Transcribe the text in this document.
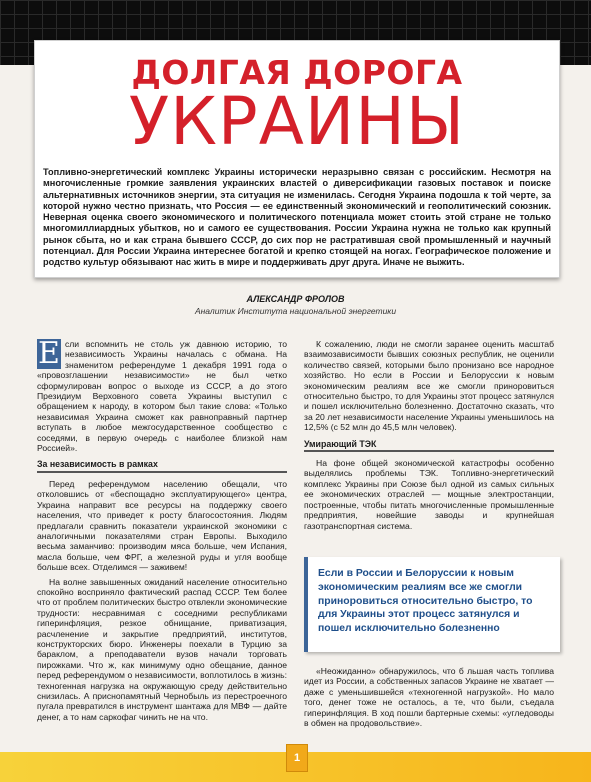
ДОЛГАЯ ДОРОГА
УКРАИНЫ
Топливно-энергетический комплекс Украины исторически неразрывно связан с российским. Несмотря на многочисленные громкие заявления украинских властей о диверсификации газовых поставок и поиске альтернативных источников энергии, эта ситуация не изменилась. Сегодня Украина подошла к той черте, за которой нужно честно признать, что Россия — ее единственный экономический и геополитический союзник. Неверная оценка своего экономического и политического потенциала может стоить этой стране не только многомиллиардных убытков, но и самого ее существования. России Украина нужна не только как крупный рынок сбыта, но и как страна бывшего СССР, до сих пор не растратившая свой промышленный и научный потенциал. Для России Украина интереснее богатой и крепко стоящей на ногах. Географическое положение и родство культур обязывают нас жить в мире и поддерживать друг друга. Иначе не выжить.
АЛЕКСАНДР ФРОЛОВ
Аналитик Института национальной энергетики
Е сли вспомнить не столь уж давнюю историю, то независимость Украины началась с обмана. На знаменитом референдуме 1 декабря 1991 года о «провозглашении независимости» не был четко сформулирован вопрос о выходе из СССР, а до этого Президиум Верховного совета Украины выступил с обращением к народу, в котором был такие слова: «Только независимая Украина сможет как равноправный партнер вступать в любое межгосударственное сообщество с соседями, в первую очередь с наиболее близкой нам Россией».

За независимость в рамках

Перед референдумом населению обещали, что отколовшись от «беспощадно эксплуатирующего» центра, Украина направит все ресурсы на поддержку своего населения, что приведет к росту благосостояния. Людям предлагали сравнить показатели украинской экономики с аналогичными показателями стран Европы. Выходило весьма заманчиво: производим мяса больше, чем Испания, масла больше, чем ФРГ, а железной руды и угля вообще больше всех. Отделимся — заживем!

На волне завышенных ожиданий население относительно спокойно восприняло фактический распад СССР. Тем более что от проблем политических быстро отвлекли экономические трудности: несравнимая с соседними республиками гиперинфляция, резкое обнищание, приватизация, расчленение и закрытие предприятий, институтов, конструкторских бюро. Инженеры поехали в Турцию за бараклом, а преподаватели вузов начали торговать пирожками. Что ж, как минимуму одно обещание, данное перед референдумом о независимости, воплотилось в жизнь: техногенная нагрузка на окружающую среду действительно снизилась. А приснопамятный Чернобыль из перестроечного пугала превратился в инструмент шантажа для МВФ — дайте денег, а то нам саркофаг чинить не на что.

К сожалению, люди не смогли заранее оценить масштаб взаимозависимости бывших союзных республик, не оценили количество связей, которыми было пронизано все народное хозяйство. Но если в России и Белоруссии к новым экономическим реалиям все же смогли приноровиться относительно быстро, то для Украины этот процесс затянулся и пошел исключительно болезненно. Достаточно сказать, что за 20 лет независимости население Украины уменьшилось на 12,5% (с 52 млн до 45,5 млн человек).

Умирающий ТЭК

На фоне общей экономической катастрофы особенно выделялись проблемы ТЭК. Топливно-энергетический комплекс Украины при Союзе был одной из самых сильных ее экономических отраслей — мощные электростанции, построенные, чтобы питать многочисленные промышленные предприятия, новейшие заводы и крупнейшая газотранспортная система.

Если в России и Белоруссии к новым экономическим реалиям все же смогли приноровиться относительно быстро, то для Украины этот процесс затянулся и пошел исключительно болезненно

«Неожиданно» обнаружилось, что б льшая часть топлива идет из России, а собственных запасов Украине не хватает — даже с уменьшившейся «техногенной нагрузкой». Но мало того, денег тоже не осталось, а те, что были, съедала гиперинфляция. В ход пошли бартерные схемы: «угледоводы в обмен на продовольствие».

1
